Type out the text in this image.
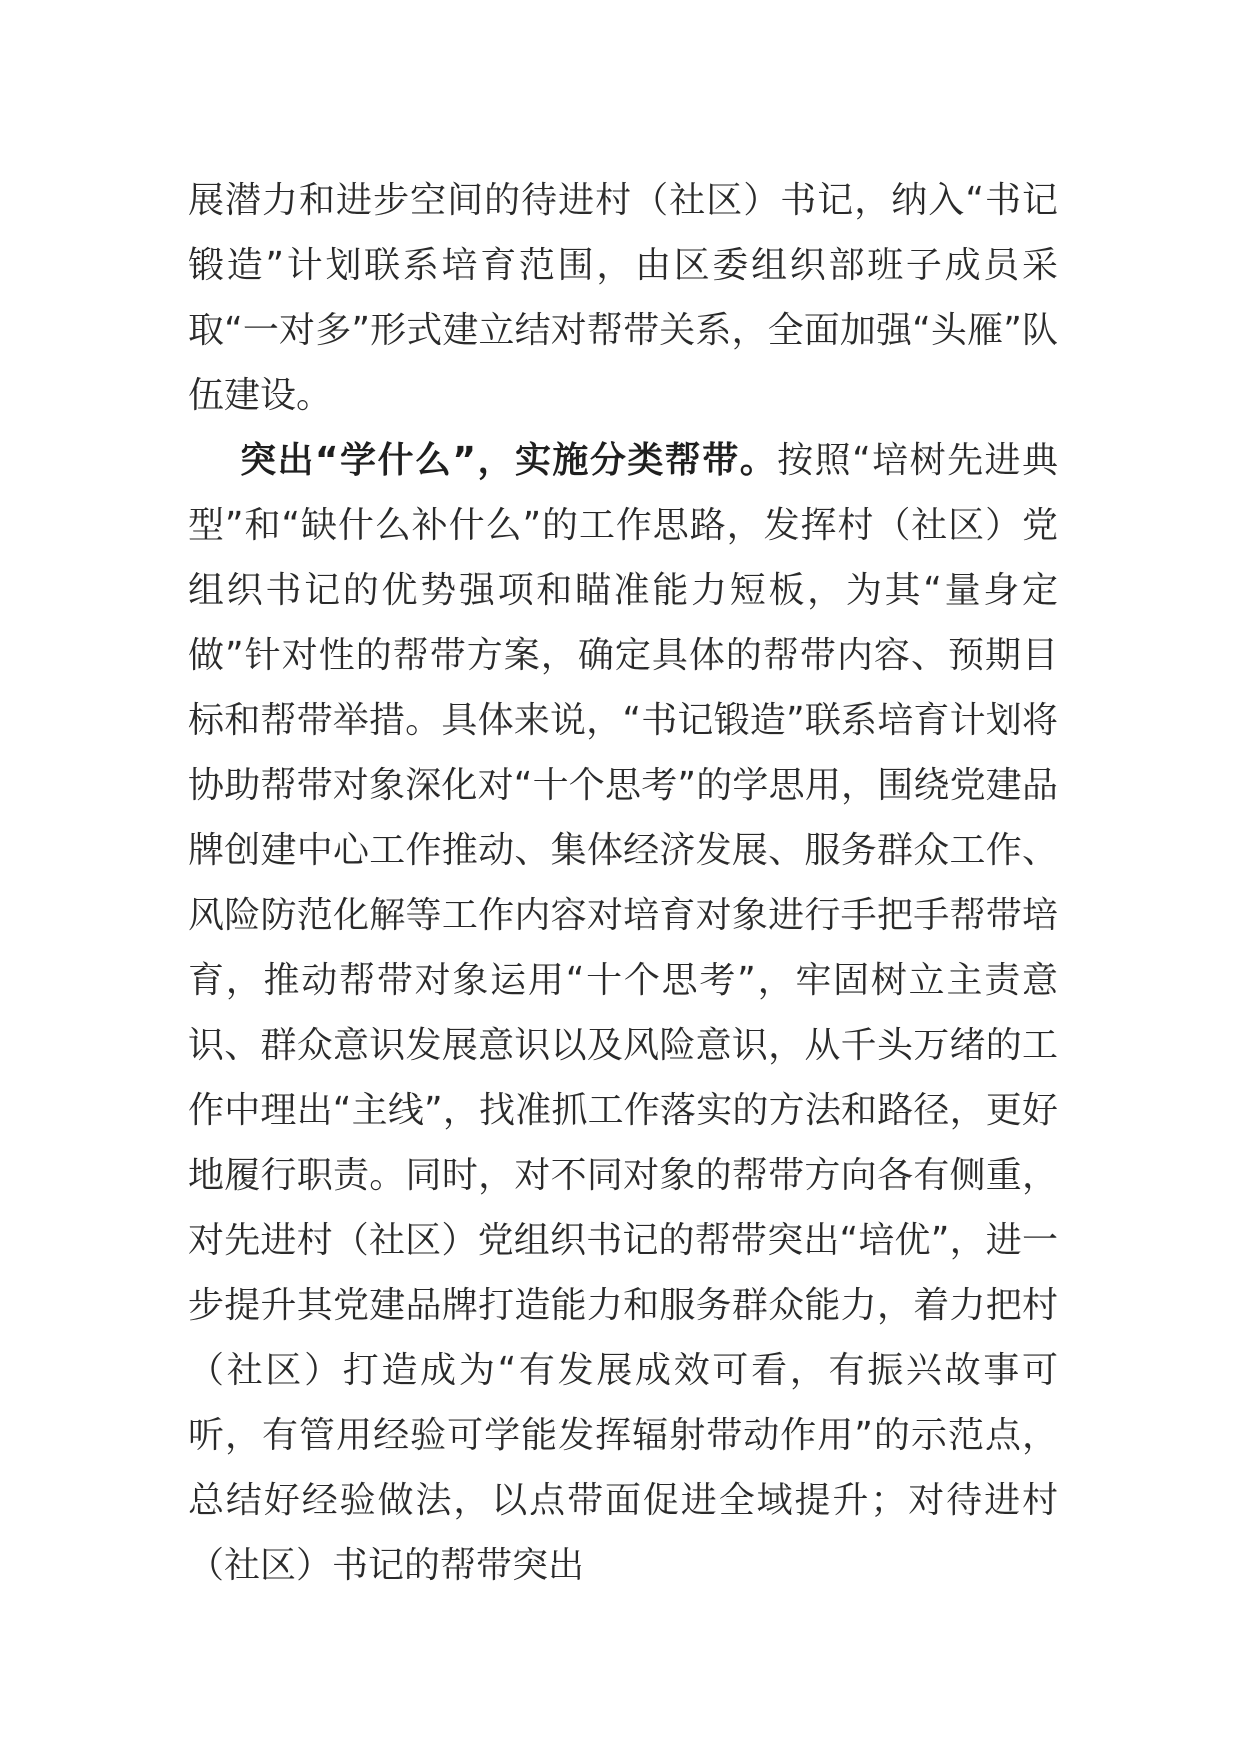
展潜力和进步空间的待进村（社区）书记，纳入“书记锻造”计划联系培育范围，由区委组织部班子成员采取“一对多”形式建立结对帮带关系，全面加强“头雁”队伍建设。

突出“学什么”，实施分类帮带。按照“培树先进典型”和“缺什么补什么”的工作思路，发挥村（社区）党组织书记的优势强项和瞄准能力短板，为其“量身定做”针对性的帮带方案，确定具体的帮带内容、预期目标和帮带举措。具体来说，“书记锻造”联系培育计划将协助帮带对象深化对“十个思考”的学思用，围绕党建品牌创建中心工作推动、集体经济发展、服务群众工作、风险防范化解等工作内容对培育对象进行手把手帮带培育，推动帮带对象运用“十个思考”，牢固树立主责意识、群众意识发展意识以及风险意识，从千头万绪的工作中理出“主线”，找准抓工作落实的方法和路径，更好地履行职责。同时，对不同对象的帮带方向各有侧重，对先进村（社区）党组织书记的帮带突出“培优”，进一步提升其党建品牌打造能力和服务群众能力，着力把村（社区）打造成为“有发展成效可看，有振兴故事可听，有管用经验可学能发挥辐射带动作用”的示范点，总结好经验做法，以点带面促进全域提升；对待进村（社区）书记的帮带突出
